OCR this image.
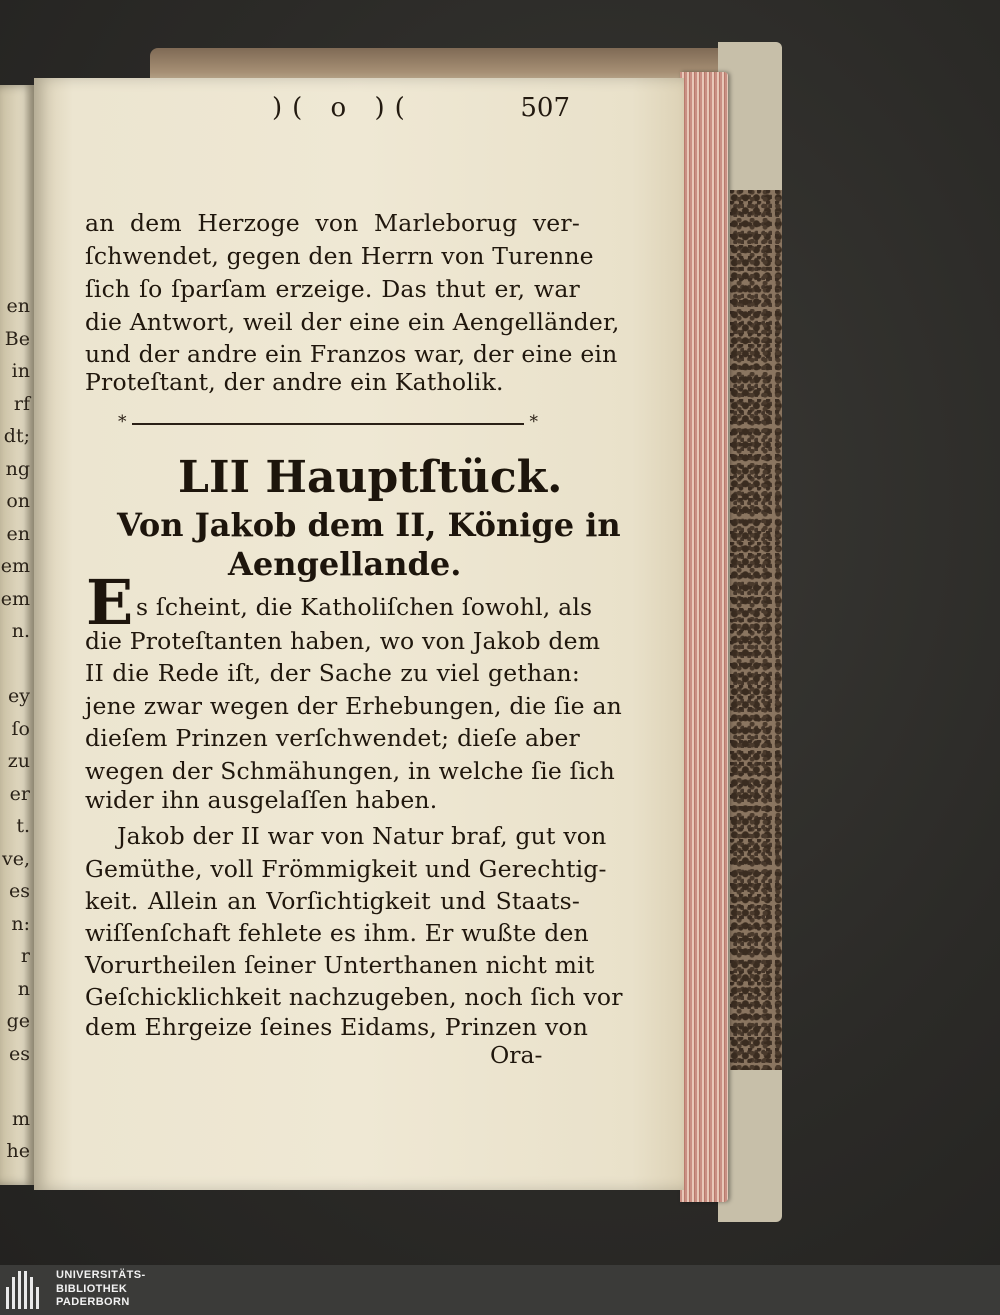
en
Be
in
rf
dt;
ng
on
en
em
em
n.

ey
ſo
zu
er
t.
ve,
es
n:
r
n
ge
es

m
he
)( o )(	507
an dem Herzoge von Marleborug ver-
ſchwendet, gegen den Herrn von Turenne
ſich ſo ſparſam erzeige. Das thut er, war
die Antwort, weil der eine ein Aengelländer,
und der andre ein Franzos war, der eine ein
Proteſtant, der andre ein Katholik.
*	*
LII Hauptſtück.
Von Jakob dem II, Könige in
Aengellande.
E s ſcheint, die Katholiſchen ſowohl, als
die Proteſtanten haben, wo von Jakob dem
II die Rede iſt, der Sache zu viel gethan:
jene zwar wegen der Erhebungen, die ſie an
dieſem Prinzen verſchwendet; dieſe aber
wegen der Schmähungen, in welche ſie ſich
wider ihn ausgelaſſen haben.
Jakob der II war von Natur braf, gut von
Gemüthe, voll Frömmigkeit und Gerechtig-
keit. Allein an Vorſichtigkeit und Staats-
wiſſenſchaft fehlete es ihm. Er wußte den
Vorurtheilen ſeiner Unterthanen nicht mit
Geſchicklichkeit nachzugeben, noch ſich vor
dem Ehrgeize ſeines Eidams, Prinzen von
Ora-
UNIVERSITÄTS-
BIBLIOTHEK
PADERBORN
